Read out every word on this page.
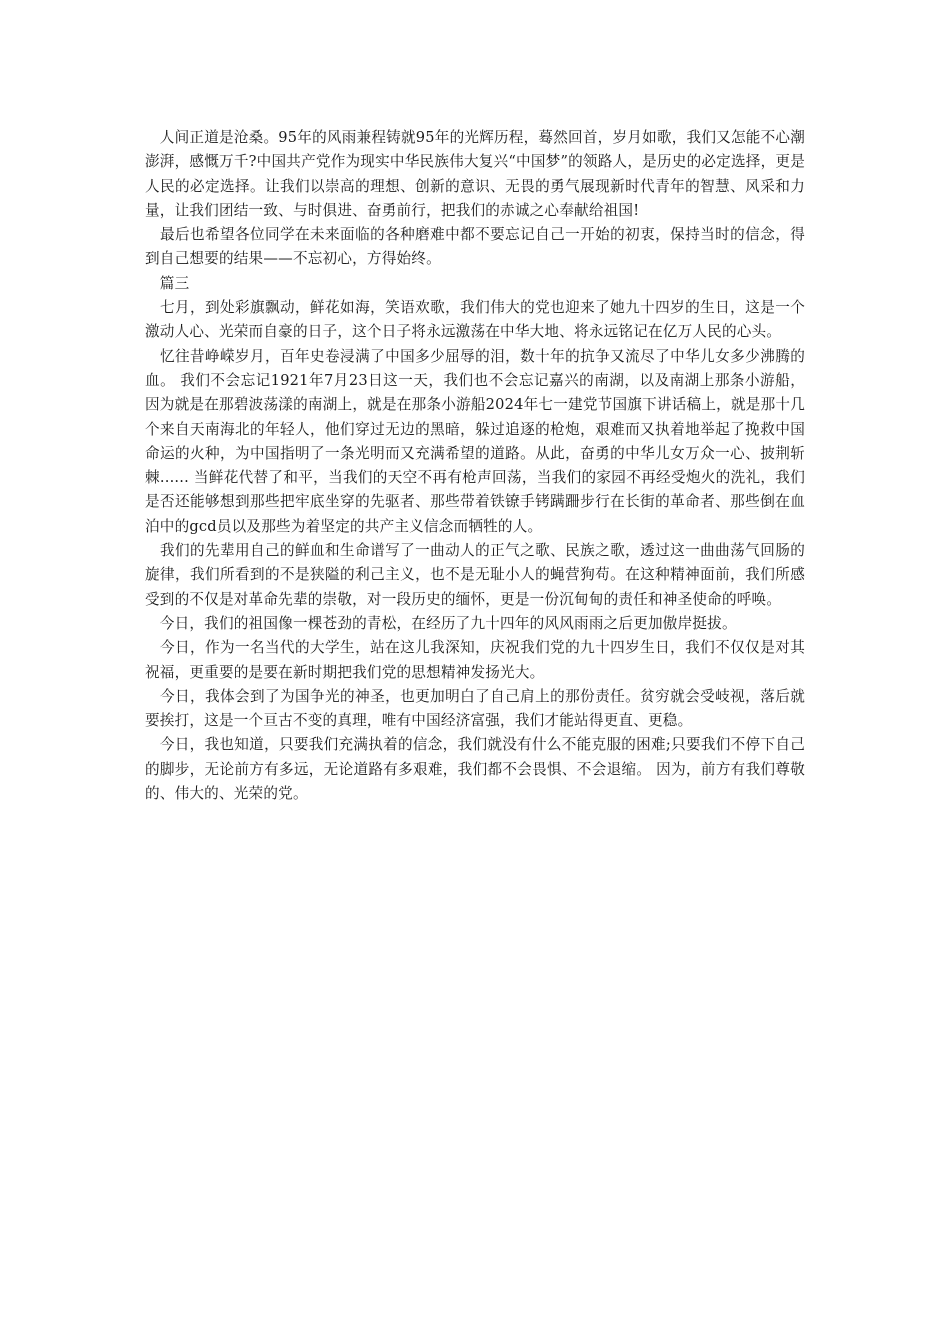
　人间正道是沧桑。95年的风雨兼程铸就95年的光辉历程，蓦然回首，岁月如歌，我们又怎能不心潮澎湃，感慨万千?中国共产党作为现实中华民族伟大复兴“中国梦”的领路人，是历史的必定选择，更是人民的必定选择。让我们以崇高的理想、创新的意识、无畏的勇气展现新时代青年的智慧、风采和力量，让我们团结一致、与时俱进、奋勇前行，把我们的赤诚之心奉献给祖国!

　最后也希望各位同学在未来面临的各种磨难中都不要忘记自己一开始的初衷，保持当时的信念，得到自己想要的结果——不忘初心，方得始终。

　篇三

　七月，到处彩旗飘动，鲜花如海，笑语欢歌，我们伟大的党也迎来了她九十四岁的生日，这是一个激动人心、光荣而自豪的日子，这个日子将永远激荡在中华大地、将永远铭记在亿万人民的心头。

　忆往昔峥嵘岁月，百年史卷浸满了中国多少屈辱的泪，数十年的抗争又流尽了中华儿女多少沸腾的血。 我们不会忘记1921年7月23日这一天，我们也不会忘记嘉兴的南湖，以及南湖上那条小游船，因为就是在那碧波荡漾的南湖上，就是在那条小游船2024年七一建党节国旗下讲话稿上，就是那十几个来自天南海北的年轻人，他们穿过无边的黑暗，躲过追逐的枪炮，艰难而又执着地举起了挽救中国命运的火种，为中国指明了一条光明而又充满希望的道路。从此，奋勇的中华儿女万众一心、披荆斩棘...... 当鲜花代替了和平，当我们的天空不再有枪声回荡，当我们的家园不再经受炮火的洗礼，我们是否还能够想到那些把牢底坐穿的先驱者、那些带着铁镣手铐蹒跚步行在长街的革命者、那些倒在血泊中的gcd员以及那些为着坚定的共产主义信念而牺牲的人。

　我们的先辈用自己的鲜血和生命谱写了一曲动人的正气之歌、民族之歌，透过这一曲曲荡气回肠的旋律，我们所看到的不是狭隘的利己主义，也不是无耻小人的蝇营狗苟。在这种精神面前，我们所感受到的不仅是对革命先辈的崇敬，对一段历史的缅怀，更是一份沉甸甸的责任和神圣使命的呼唤。

　今日，我们的祖国像一棵苍劲的青松，在经历了九十四年的风风雨雨之后更加傲岸挺拔。

　今日，作为一名当代的大学生，站在这儿我深知，庆祝我们党的九十四岁生日，我们不仅仅是对其祝福，更重要的是要在新时期把我们党的思想精神发扬光大。

　今日，我体会到了为国争光的神圣，也更加明白了自己肩上的那份责任。贫穷就会受岐视，落后就要挨打，这是一个亘古不变的真理，唯有中国经济富强，我们才能站得更直、更稳。

　今日，我也知道，只要我们充满执着的信念，我们就没有什么不能克服的困难;只要我们不停下自己的脚步，无论前方有多远，无论道路有多艰难，我们都不会畏惧、不会退缩。 因为，前方有我们尊敬的、伟大的、光荣的党。
